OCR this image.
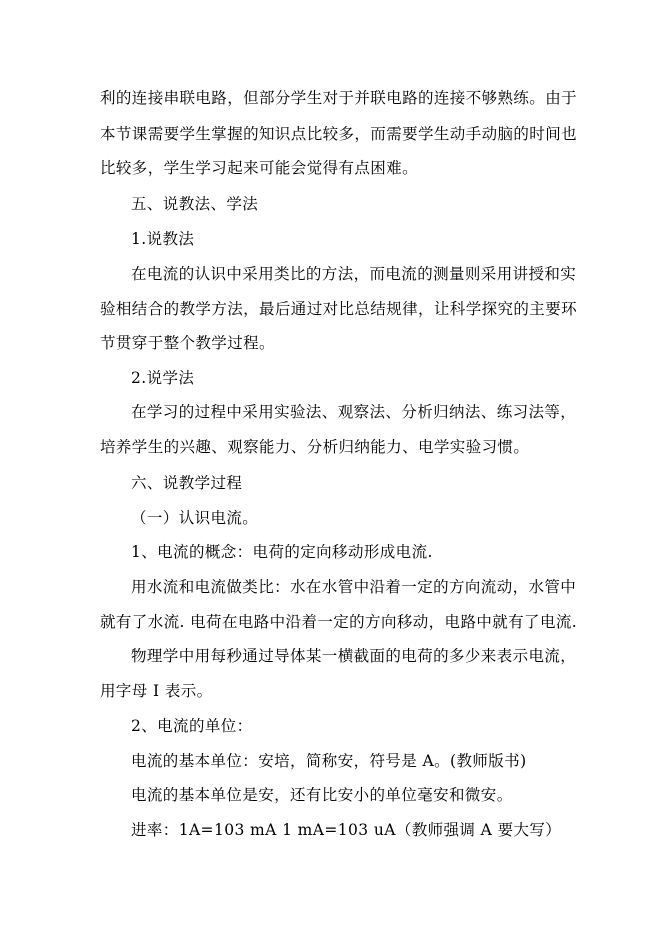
利的连接串联电路，但部分学生对于并联电路的连接不够熟练。由于
本节课需要学生掌握的知识点比较多，而需要学生动手动脑的时间也
比较多，学生学习起来可能会觉得有点困难。
五、说教法、学法
1.说教法
在电流的认识中采用类比的方法，而电流的测量则采用讲授和实
验相结合的教学方法，最后通过对比总结规律，让科学探究的主要环
节贯穿于整个教学过程。
2.说学法
在学习的过程中采用实验法、观察法、分析归纳法、练习法等，
培养学生的兴趣、观察能力、分析归纳能力、电学实验习惯。
六、说教学过程
（一）认识电流。
1、电流的概念：电荷的定向移动形成电流.
用水流和电流做类比：水在水管中沿着一定的方向流动，水管中
就有了水流. 电荷在电路中沿着一定的方向移动，电路中就有了电流.
物理学中用每秒通过导体某一横截面的电荷的多少来表示电流，
用字母 I 表示。
2、电流的单位：
电流的基本单位：安培，简称安，符号是 A。(教师版书)
电流的基本单位是安，还有比安小的单位毫安和微安。
进率：1A=103 mA 1 mA=103 uA（教师强调 A 要大写）
